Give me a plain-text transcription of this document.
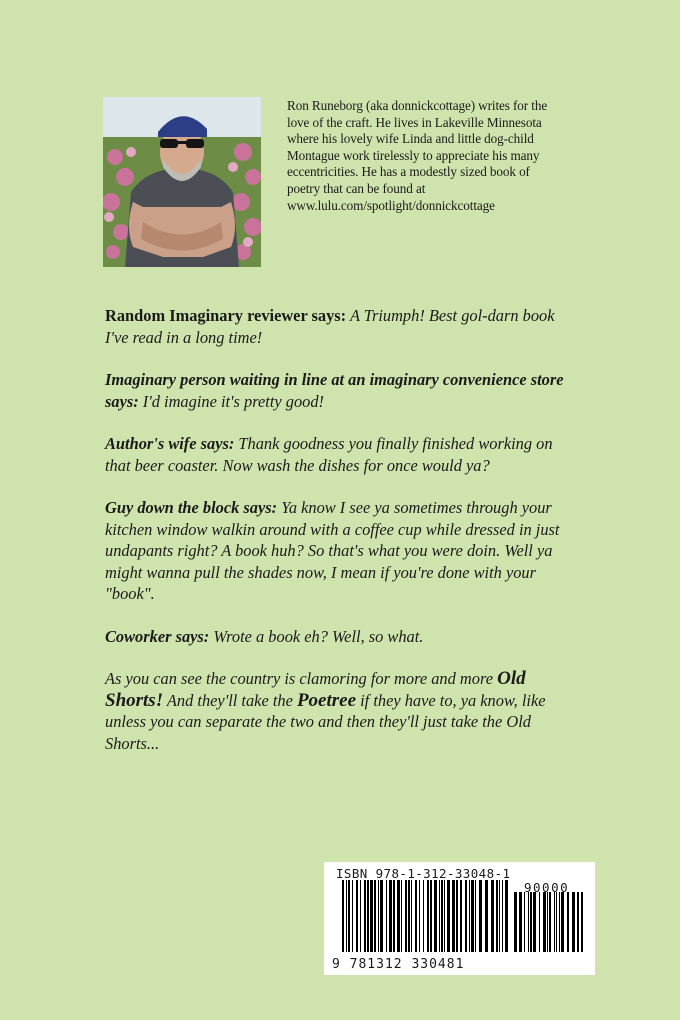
Ron Runeborg (aka donnickcottage) writes for the love of the craft. He lives in Lakeville Minnesota where his lovely wife Linda and little dog-child Montague work tirelessly to appreciate his many eccentricities. He has a modestly sized book of poetry that can be found at www.lulu.com/spotlight/donnickcottage

Random Imaginary reviewer says: A Triumph! Best gol-darn book I've read in a long time!

Imaginary person waiting in line at an imaginary convenience store says: I'd imagine it's pretty good!

Author's wife says: Thank goodness you finally finished working on that beer coaster. Now wash the dishes for once would ya?

Guy down the block says: Ya know I see ya sometimes through your kitchen window walkin around with a coffee cup while dressed in just undapants right? A book huh? So that's what you were doin. Well ya might wanna pull the shades now, I mean if you're done with your "book".

Coworker says: Wrote a book eh? Well, so what.

As you can see the country is clamoring for more and more Old Shorts! And they'll take the Poetree if they have to, ya know, like unless you can separate the two and then they'll just take the Old Shorts...

ISBN 978-1-312-33048-1
90000
9 781312 330481
